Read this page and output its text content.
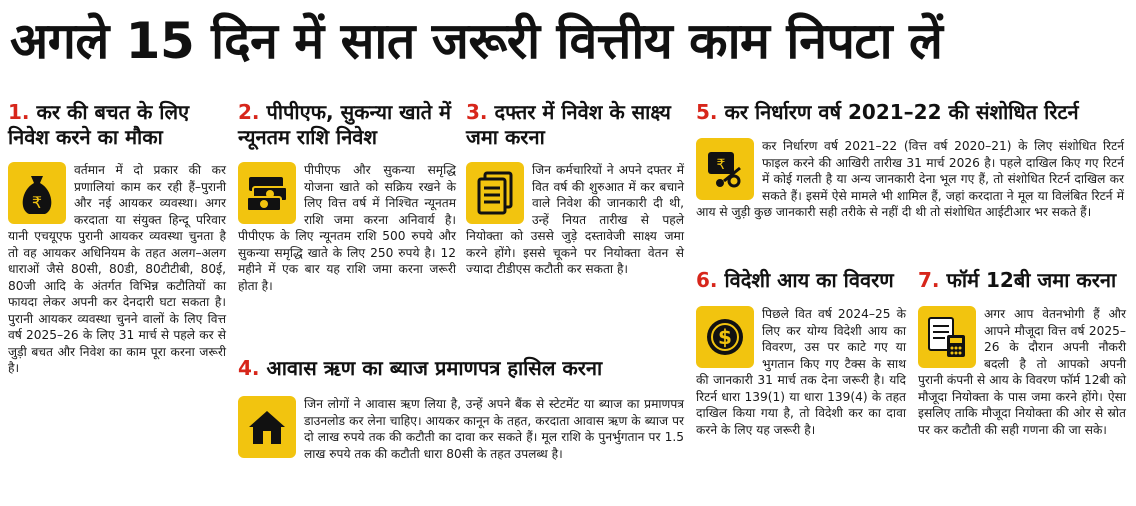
अगले 15 दिन में सात जरूरी वित्तीय काम निपटा लें
1. कर की बचत के लिए निवेश करने का मौका
₹

वर्तमान में दो प्रकार की कर प्रणालियां काम कर रही हैं–पुरानी और नई आयकर व्यवस्था। अगर करदाता या संयुक्त हिन्दू परिवार यानी एचयूएफ पुरानी आयकर व्यवस्था चुनता है तो वह आयकर अधिनियम के तहत अलग–अलग धाराओं जैसे 80सी, 80डी, 80टीटीबी, 80ई, 80जी आदि के अंतर्गत विभिन्न कटौतियों का फायदा लेकर अपनी कर देनदारी घटा सकता है। पुरानी आयकर व्यवस्था चुनने वालों के लिए वित्त वर्ष 2025–26 के लिए 31 मार्च से पहले कर से जुड़ी बचत और निवेश का काम पूरा करना जरूरी है।

2. पीपीएफ, सुकन्या खाते में न्यूनतम राशि निवेश

पीपीएफ और सुकन्या समृद्धि योजना खाते को सक्रिय रखने के लिए वित्त वर्ष में निश्चित न्यूनतम राशि जमा करना अनिवार्य है। पीपीएफ के लिए न्यूनतम राशि 500 रुपये और सुकन्या समृद्धि खाते के लिए 250 रुपये है। 12 महीने में एक बार यह राशि जमा करना जरूरी होता है।

3. दफ्तर में निवेश के साक्ष्य जमा करना

जिन कर्मचारियों ने अपने दफ्तर में वित वर्ष की शुरुआत में कर बचाने वाले निवेश की जानकारी दी थी, उन्हें नियत तारीख से पहले नियोक्ता को उससे जुड़े दस्तावेजी साक्ष्य जमा करने होंगे। इससे चूकने पर नियोक्ता वेतन से ज्यादा टीडीएस कटौती कर सकता है।

4. आवास ऋण का ब्याज प्रमाणपत्र हासिल करना

जिन लोगों ने आवास ऋण लिया है, उन्हें अपने बैंक से स्टेटमेंट या ब्याज का प्रमाणपत्र डाउनलोड कर लेना चाहिए। आयकर कानून के तहत, करदाता आवास ऋण के ब्याज पर दो लाख रुपये तक की कटौती का दावा कर सकते हैं। मूल राशि के पुनर्भुगतान पर 1.5 लाख रुपये तक की कटौती धारा 80सी के तहत उपलब्ध है।

5. कर निर्धारण वर्ष 2021–22 की संशोधित रिटर्न
₹

कर निर्धारण वर्ष 2021–22 (वित्त वर्ष 2020–21) के लिए संशोधित रिटर्न फाइल करने की आखिरी तारीख 31 मार्च 2026 है। पहले दाखिल किए गए रिटर्न में कोई गलती है या अन्य जानकारी देना भूल गए हैं, तो संशोधित रिटर्न दाखिल कर सकते हैं। इसमें ऐसे मामले भी शामिल हैं, जहां करदाता ने मूल या विलंबित रिटर्न में आय से जुड़ी कुछ जानकारी सही तरीके से नहीं दी थी तो संशोधित आईटीआर भर सकते हैं।

6. विदेशी आय का विवरण
$

पिछले वित वर्ष 2024–25 के लिए कर योग्य विदेशी आय का विवरण, उस पर काटे गए या भुगतान किए गए टैक्स के साथ की जानकारी 31 मार्च तक देना जरूरी है। यदि रिटर्न धारा 139(1) या धारा 139(4) के तहत दाखिल किया गया है, तो विदेशी कर का दावा करने के लिए यह जरूरी है।

7. फॉर्म 12बी जमा करना

अगर आप वेतनभोगी हैं और आपने मौजूदा वित्त वर्ष 2025–26 के दौरान अपनी नौकरी बदली है तो आपको अपनी पुरानी कंपनी से आय के विवरण फॉर्म 12बी को मौजूदा नियोक्ता के पास जमा करने होंगे। ऐसा इसलिए ताकि मौजूदा नियोक्ता की ओर से स्रोत पर कर कटौती की सही गणना की जा सके।
